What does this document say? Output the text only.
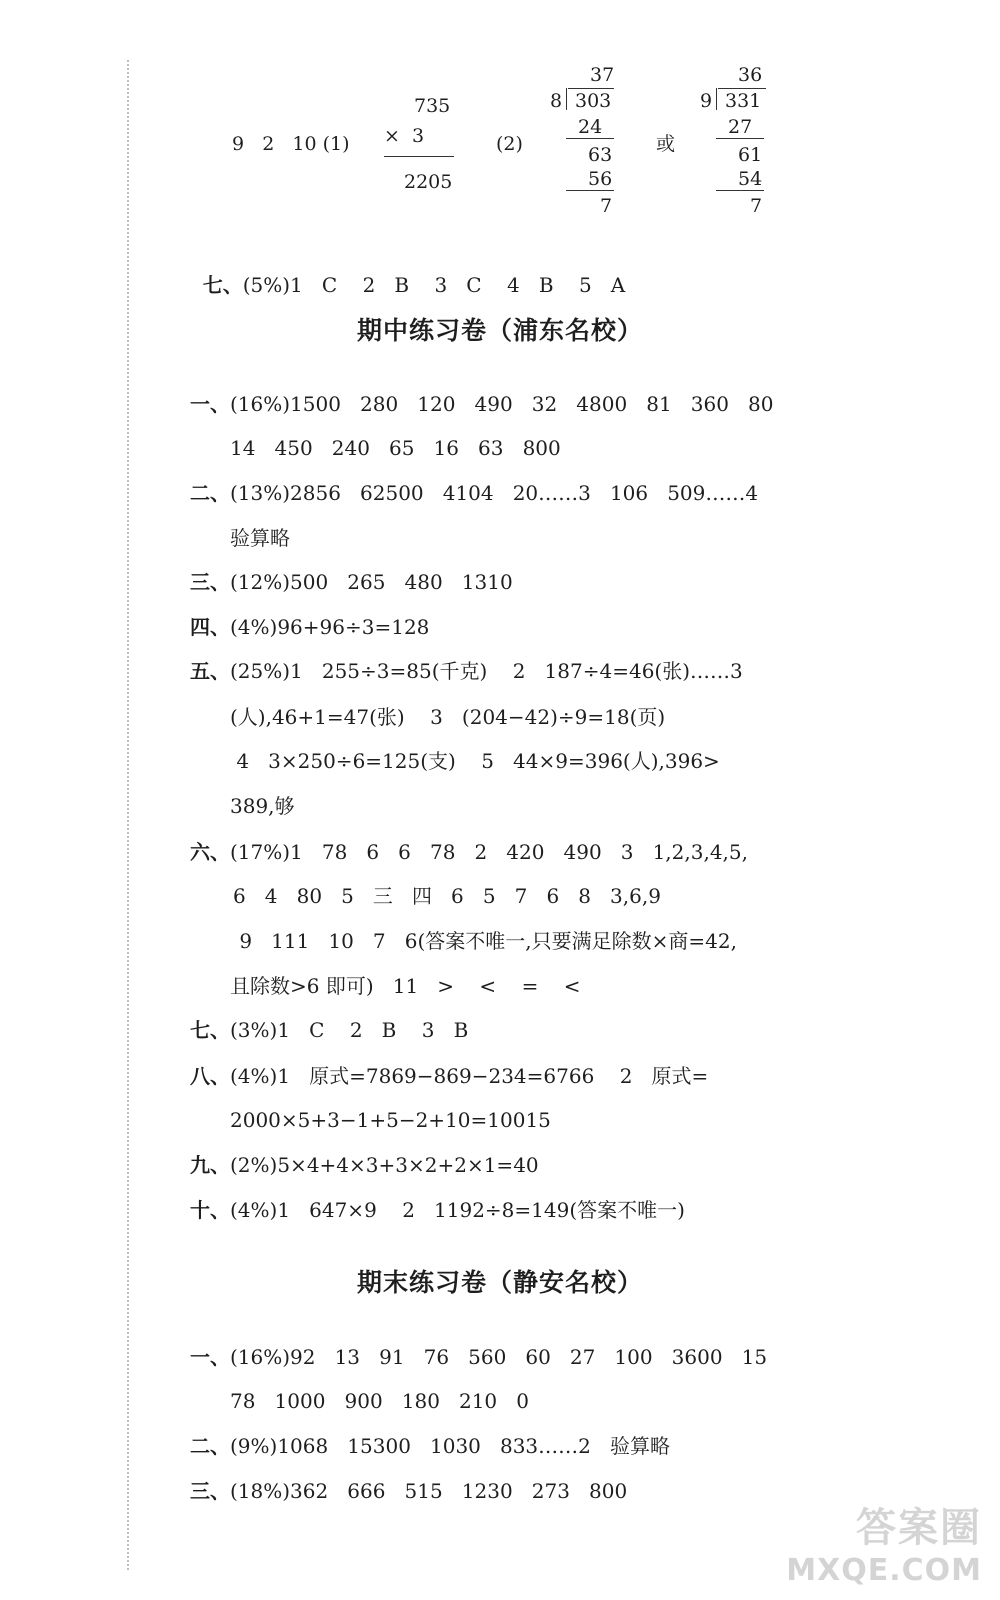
9   2   10 (1)
735
×  3
2205
(2)
37
8 303
24
63
56
7
或
36
9 331
27
61
54
7

七、(5%)1   C    2   B    3   C    4   B    5   A

期中练习卷（浦东名校）
一、(16%)1500   280   120   490   32   4800   81   360   80
14   450   240   65   16   63   800
二、(13%)2856   62500   4104   20……3   106   509……4
验算略
三、(12%)500   265   480   1310
四、(4%)96+96÷3=128
五、(25%)1   255÷3=85(千克)    2   187÷4=46(张)……3
(人),46+1=47(张)    3   (204−42)÷9=18(页)
4   3×250÷6=125(支)    5   44×9=396(人),396>
389,够
六、(17%)1   78   6   6   78   2   420   490   3   1,2,3,4,5,
6   4   80   5   三   四   6   5   7   6   8   3,6,9
9   111   10   7   6(答案不唯一,只要满足除数×商=42,
且除数>6 即可)   11   >    <    =    <
七、(3%)1   C    2   B    3   B
八、(4%)1   原式=7869−869−234=6766    2   原式=
2000×5+3−1+5−2+10=10015
九、(2%)5×4+4×3+3×2+2×1=40
十、(4%)1   647×9    2   1192÷8=149(答案不唯一)
期末练习卷（静安名校）
一、(16%)92   13   91   76   560   60   27   100   3600   15
78   1000   900   180   210   0
二、(9%)1068   15300   1030   833……2   验算略
三、(18%)362   666   515   1230   273   800
答案圈
MXQE.COM
